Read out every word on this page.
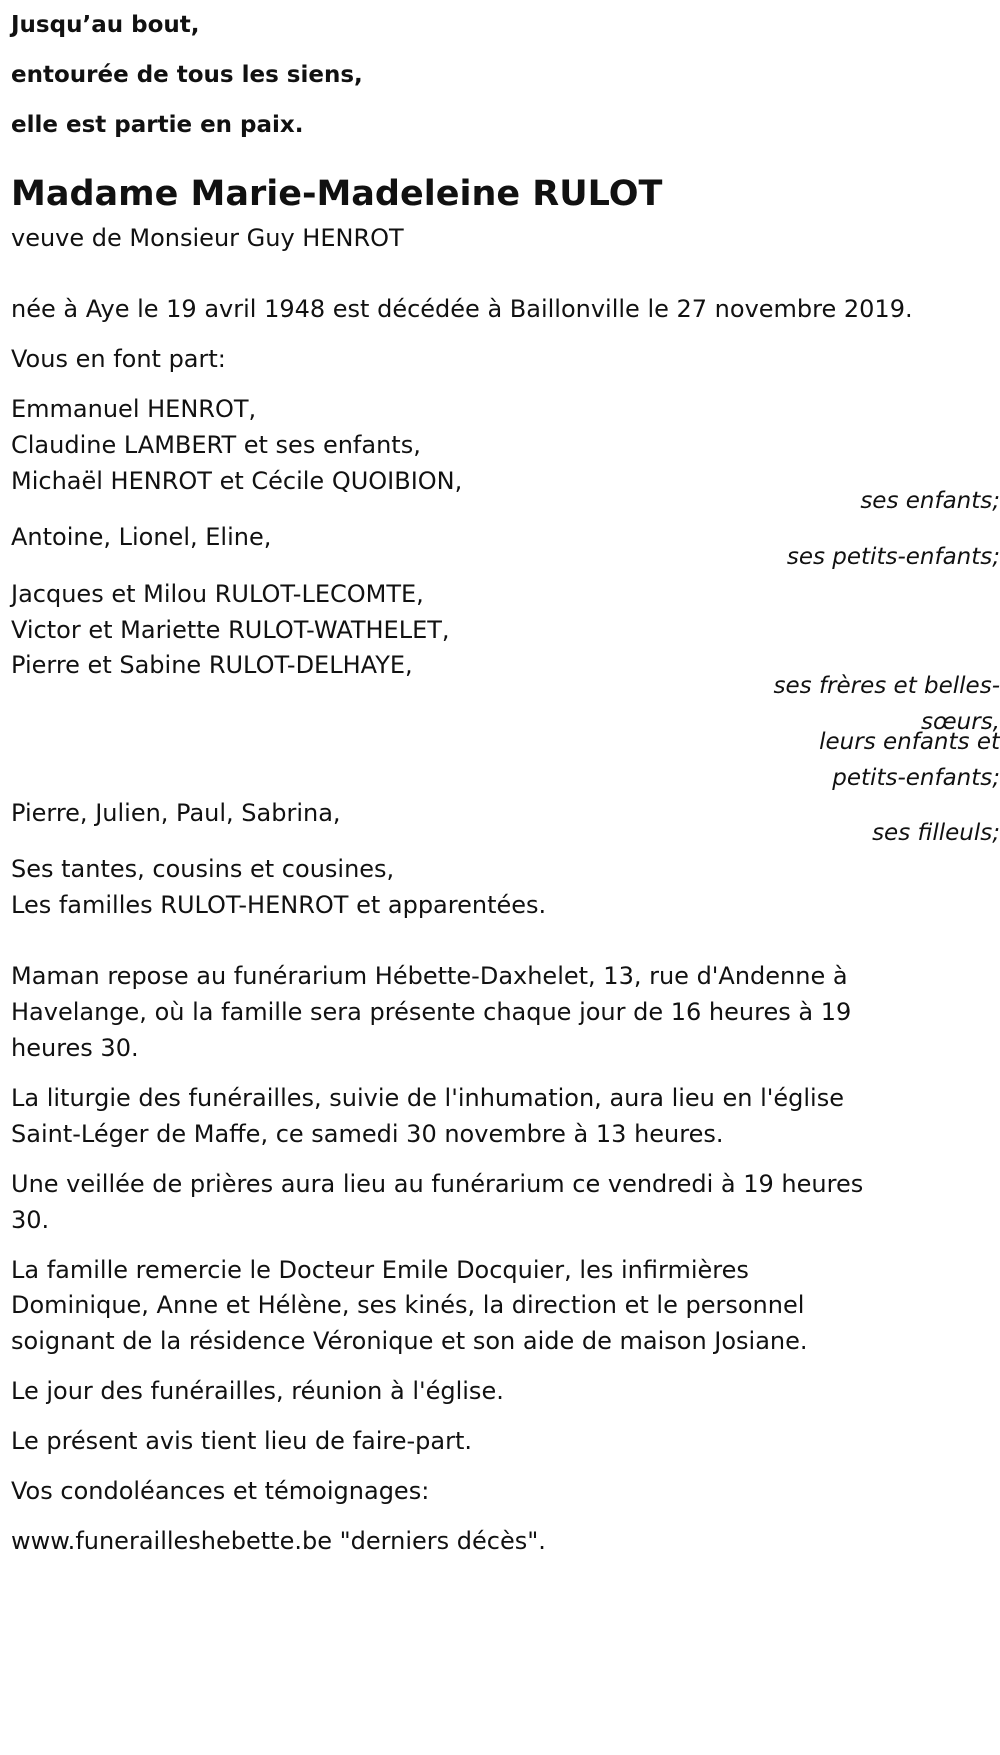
Jusqu’au bout,
entourée de tous les siens,
elle est partie en paix.
Madame Marie-Madeleine RULOT
veuve de Monsieur Guy HENROT
née à Aye le 19 avril 1948 est décédée à Baillonville le 27 novembre 2019.
Vous en font part:
Emmanuel HENROT,
Claudine LAMBERT et ses enfants,
Michaël HENROT et Cécile QUOIBION,
ses enfants;
Antoine, Lionel, Eline,
ses petits-enfants;
Jacques et Milou RULOT-LECOMTE,
Victor et Mariette RULOT-WATHELET,
Pierre et Sabine RULOT-DELHAYE,
ses frères et belles-sœurs,
leurs enfants et petits-enfants;
Pierre, Julien, Paul, Sabrina,
ses filleuls;
Ses tantes, cousins et cousines,
Les familles RULOT-HENROT et apparentées.
Maman repose au funérarium Hébette-Daxhelet, 13, rue d'Andenne à
Havelange, où la famille sera présente chaque jour de 16 heures à 19
heures 30.
La liturgie des funérailles, suivie de l'inhumation, aura lieu en l'église
Saint-Léger de Maffe, ce samedi 30 novembre à 13 heures.
Une veillée de prières aura lieu au funérarium ce vendredi à 19 heures
30.
La famille remercie le Docteur Emile Docquier, les infirmières
Dominique, Anne et Hélène, ses kinés, la direction et le personnel
soignant de la résidence Véronique et son aide de maison Josiane.
Le jour des funérailles, réunion à l'église.
Le présent avis tient lieu de faire-part.
Vos condoléances et témoignages:
www.funerailleshebette.be "derniers décès".
